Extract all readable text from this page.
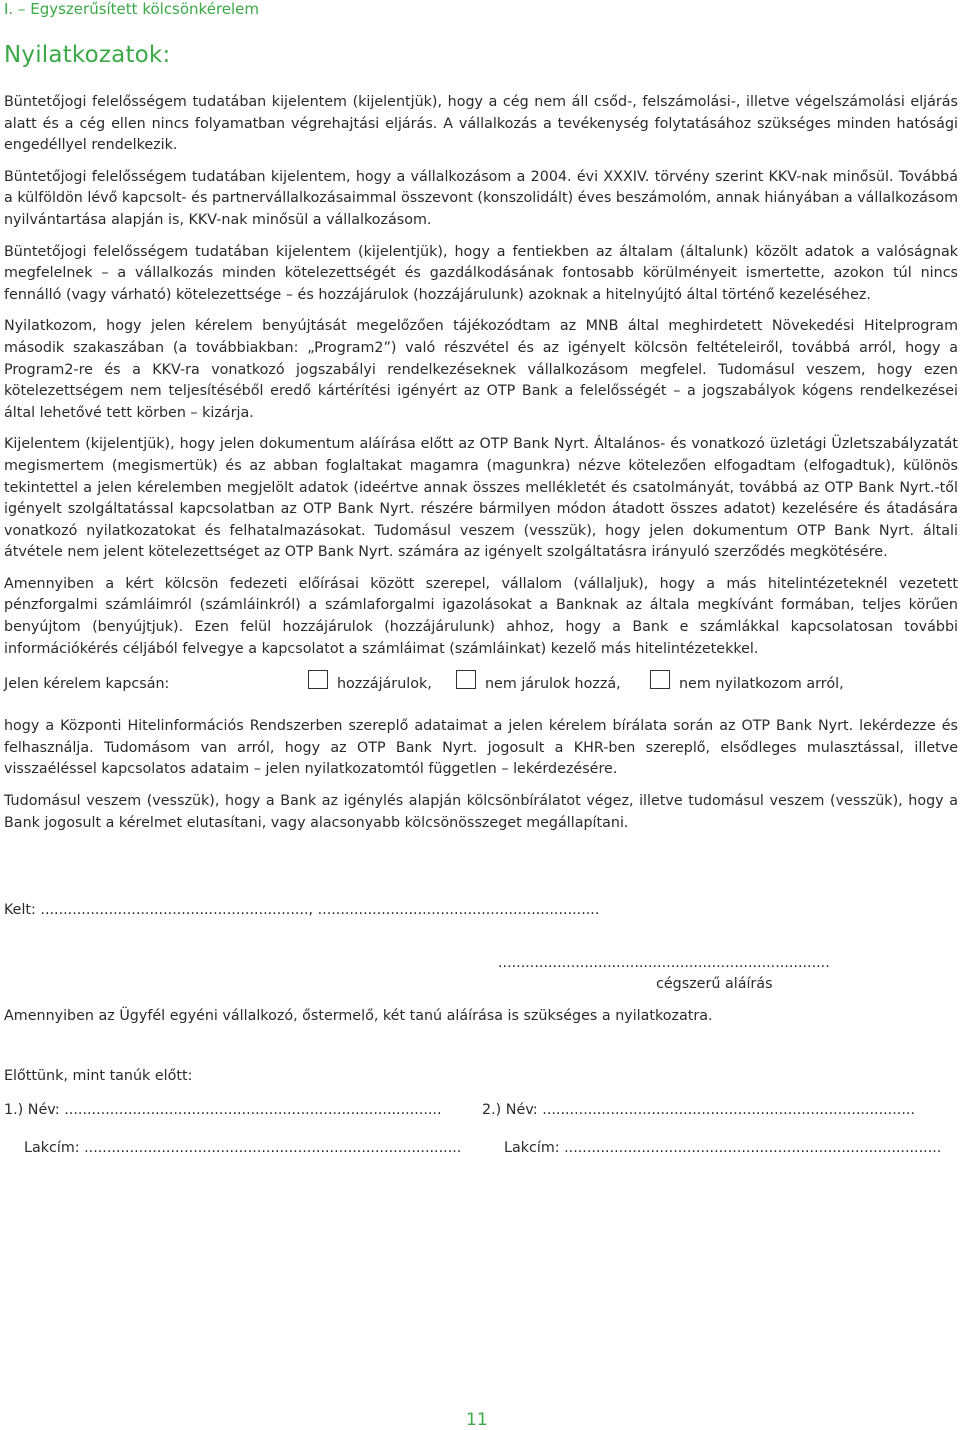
I. – Egyszerűsített kölcsönkérelem
Nyilatkozatok:

Büntetőjogi felelősségem tudatában kijelentem (kijelentjük), hogy a cég nem áll csőd-, felszámolási-, illetve végelszámolási eljárás alatt és a cég ellen nincs folyamatban végrehajtási eljárás. A vállalkozás a tevékenység folytatásához szükséges minden hatósági engedéllyel rendelkezik.

Büntetőjogi felelősségem tudatában kijelentem, hogy a vállalkozásom a 2004. évi XXXIV. törvény szerint KKV-nak minősül. Továbbá a külföldön lévő kapcsolt- és partnervállalkozásaimmal összevont (konszolidált) éves beszámolóm, annak hiányában a vállalkozásom nyilvántartása alapján is, KKV-nak minősül a vállalkozásom.

Büntetőjogi felelősségem tudatában kijelentem (kijelentjük), hogy a fentiekben az általam (általunk) közölt adatok a valóságnak megfelelnek – a vállalkozás minden kötelezettségét és gazdálkodásának fontosabb körülményeit ismertette, azokon túl nincs fennálló (vagy várható) kötelezettsége – és hozzájárulok (hozzájárulunk) azoknak a hitelnyújtó által történő kezeléséhez.

Nyilatkozom, hogy jelen kérelem benyújtását megelőzően tájékozódtam az MNB által meghirdetett Növekedési Hitelprogram második szakaszában (a továbbiakban: „Program2”) való részvétel és az igényelt kölcsön feltételeiről, továbbá arról, hogy a Program2-re és a KKV-ra vonatkozó jogszabályi rendelkezéseknek vállalkozásom megfelel. Tudomásul veszem, hogy ezen kötelezettségem nem teljesítéséből eredő kártérítési igényért az OTP Bank a felelősségét – a jogszabályok kógens rendelkezései által lehetővé tett körben – kizárja.

Kijelentem (kijelentjük), hogy jelen dokumentum aláírása előtt az OTP Bank Nyrt. Általános- és vonatkozó üzletági Üzletszabályzatát megismertem (megismertük) és az abban foglaltakat magamra (magunkra) nézve kötelezően elfogadtam (elfogadtuk), különös tekintettel a jelen kérelemben megjelölt adatok (ideértve annak összes mellékletét és csatolmányát, továbbá az OTP Bank Nyrt.-től igényelt szolgáltatással kapcsolatban az OTP Bank Nyrt. részére bármilyen módon átadott összes adatot) kezelésére és átadására vonatkozó nyilatkozatokat és felhatalmazásokat. Tudomásul veszem (vesszük), hogy jelen dokumentum OTP Bank Nyrt. általi átvétele nem jelent kötelezettséget az OTP Bank Nyrt. számára az igényelt szolgáltatásra irányuló szerződés megkötésére.

Amennyiben a kért kölcsön fedezeti előírásai között szerepel, vállalom (vállaljuk), hogy a más hitelintézeteknél vezetett pénzforgalmi számláimról (számláinkról) a számlaforgalmi igazolásokat a Banknak az általa megkívánt formában, teljes körűen benyújtom (benyújtjuk). Ezen felül hozzájárulok (hozzájárulunk) ahhoz, hogy a Bank e számlákkal kapcsolatosan további információkérés céljából felvegye a kapcsolatot a számláimat (számláinkat) kezelő más hitelintézetekkel.

Jelen kérelem kapcsán:	hozzájárulok,	nem járulok hozzá,	nem nyilatkozom arról,

hogy a Központi Hitelinformációs Rendszerben szereplő adataimat a jelen kérelem bírálata során az OTP Bank Nyrt. lekérdezze és felhasználja. Tudomásom van arról, hogy az OTP Bank Nyrt. jogosult a KHR-ben szereplő, elsődleges mulasztással, illetve visszaéléssel kapcsolatos adataim – jelen nyilatkozatomtól független – lekérdezésére.

Tudomásul veszem (vesszük), hogy a Bank az igénylés alapján kölcsönbírálatot végez, illetve tudomásul veszem (vesszük), hogy a Bank jogosult a kérelmet elutasítani, vagy alacsonyabb kölcsönösszeget megállapítani.

Kelt: ..........................................................., ..............................................................
.........................................................................
cégszerű aláírás
Amennyiben az Ügyfél egyéni vállalkozó, őstermelő, két tanú aláírása is szükséges a nyilatkozatra.
Előttünk, mint tanúk előtt:
1.) Név: ...................................................................................	2.) Név: ..................................................................................
Lakcím: ...................................................................................	Lakcím: ...................................................................................
11
